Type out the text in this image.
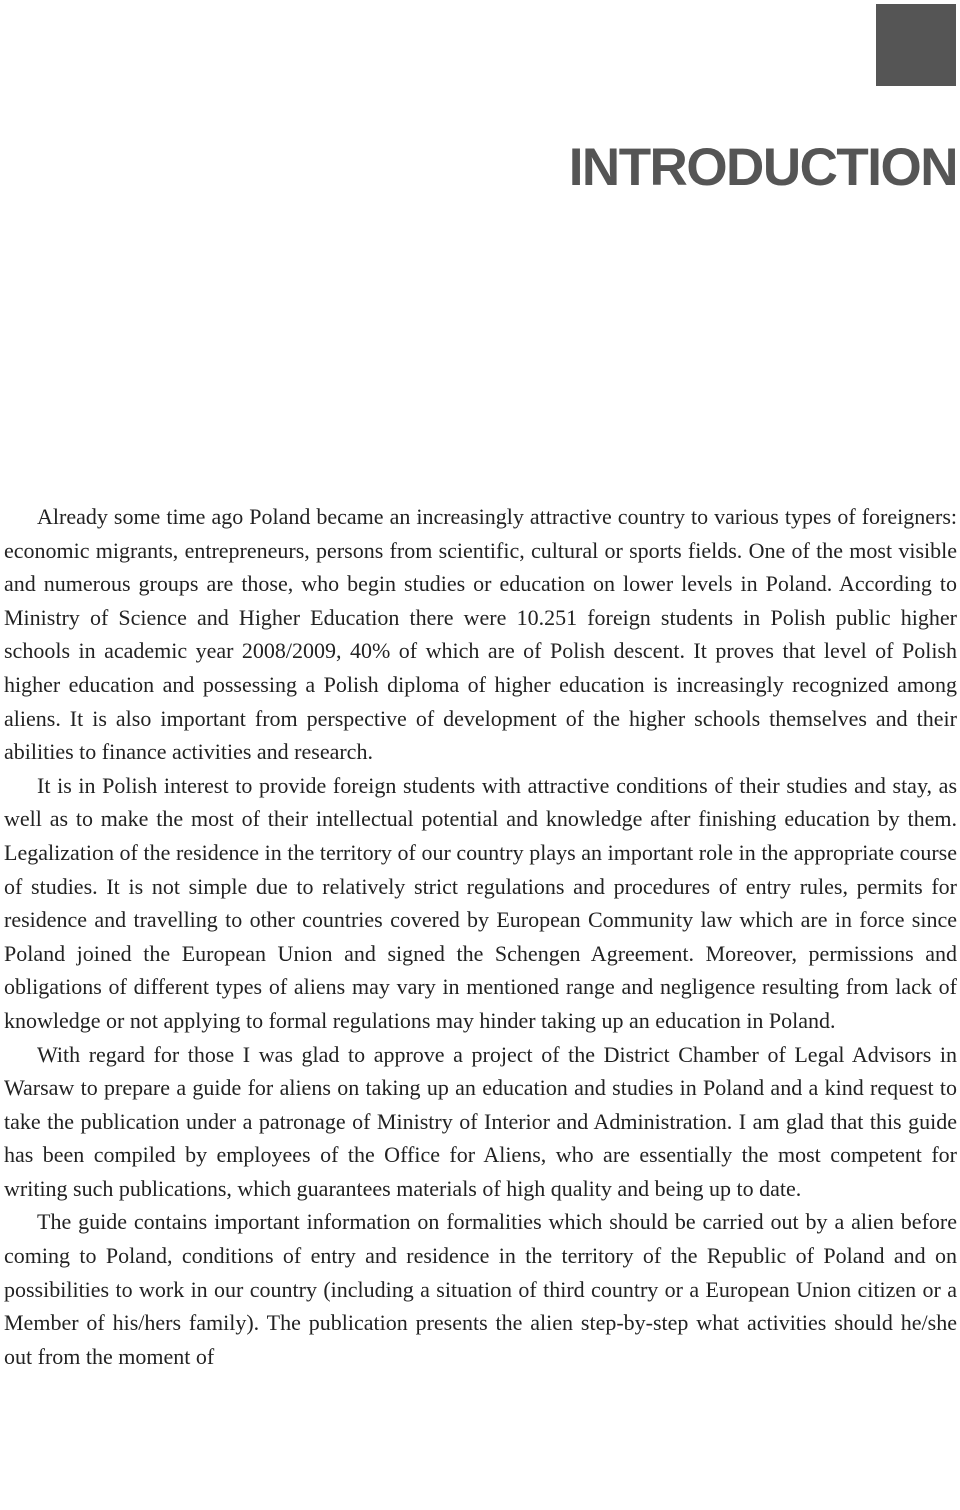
INTRODUCTION

Already some time ago Poland became an increasingly attractive country to various types of foreigners: economic migrants, entrepreneurs, persons from scientific, cultural or sports fields. One of the most visible and numerous groups are those, who begin studies or education on lower levels in Poland. According to Ministry of Science and Higher Education there were 10.251 foreign students in Polish public higher schools in academic year 2008/2009, 40% of which are of Polish descent. It proves that level of Polish higher education and possessing a Polish diploma of higher education is increasingly recognized among aliens. It is also important from perspective of development of the higher schools themselves and their abilities to finance activities and research.

It is in Polish interest to provide foreign students with attractive conditions of their studies and stay, as well as to make the most of their intellectual potential and knowledge after finishing education by them. Legalization of the residence in the territory of our country plays an important role in the appropriate course of studies. It is not simple due to relatively strict regulations and procedures of entry rules, permits for residence and travelling to other countries covered by European Community law which are in force since Poland joined the European Union and signed the Schengen Agreement. Moreover, permissions and obligations of different types of aliens may vary in mentioned range and negligence resulting from lack of knowledge or not applying to formal regulations may hinder taking up an education in Poland.

With regard for those I was glad to approve a project of the District Chamber of Legal Advisors in Warsaw to prepare a guide for aliens on taking up an education and studies in Poland and a kind request to take the publication under a patronage of Ministry of Interior and Administration. I am glad that this guide has been compiled by employees of the Office for Aliens, who are essentially the most competent for writing such publications, which guarantees materials of high quality and being up to date.

The guide contains important information on formalities which should be carried out by a alien before coming to Poland, conditions of entry and residence in the territory of the Republic of Poland and on possibilities to work in our country (including a situation of third country or a European Union citizen or a Member of his/hers family). The publication presents the alien step-by-step what activities should he/she out from the moment of
